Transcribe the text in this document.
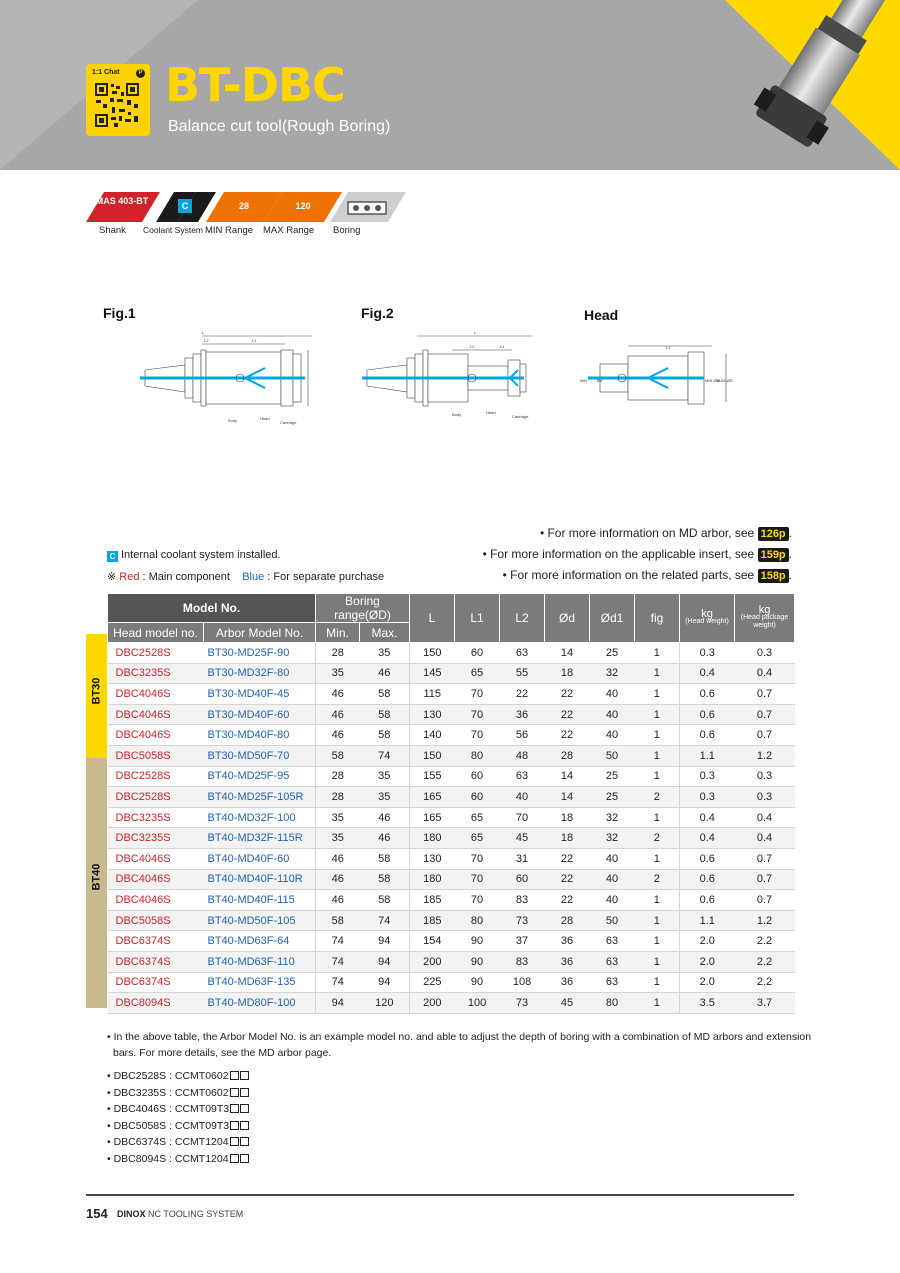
1:1 Chat	P BT-DBC
Balance cut tool(Rough Boring)
MAS 403-BT	C	28	120
Shank Coolant System MIN Range MAX Range Boring
Fig.1	Fig.2	Head
L
L2	L1
Body	Head
Cartridge
L
L2	L1
Body	Head
Cartridge
L1
Ød1 Ød	MIN ØD
MAX ØD
• For more information on MD arbor, see 126p .
• For more information on the applicable insert, see 159p .
• For more information on the related parts, see 158p .
C Internal coolant system installed.
※ Red : Main component Blue : For separate purchase
BT30
BT40
Model No.		Boring range(ØD)		L	L1	L2	Ød	Ød1	fig	kg
(Head weight)	kg
(Head package weight)
Head model no.	Arbor Model No.	Min.	Max.								
DBC2528S	BT30-MD25F-90	28	35	150	60	63	14	25	1	0.3	0.3
DBC3235S	BT30-MD32F-80	35	46	145	65	55	18	32	1	0.4	0.4
DBC4046S	BT30-MD40F-45	46	58	115	70	22	22	40	1	0.6	0.7
DBC4046S	BT30-MD40F-60	46	58	130	70	36	22	40	1	0.6	0.7
DBC4046S	BT30-MD40F-80	46	58	140	70	56	22	40	1	0.6	0.7
DBC5058S	BT30-MD50F-70	58	74	150	80	48	28	50	1	1.1	1.2
DBC2528S	BT40-MD25F-95	28	35	155	60	63	14	25	1	0.3	0.3
DBC2528S	BT40-MD25F-105R	28	35	165	60	40	14	25	2	0.3	0.3
DBC3235S	BT40-MD32F-100	35	46	165	65	70	18	32	1	0.4	0.4
DBC3235S	BT40-MD32F-115R	35	46	180	65	45	18	32	2	0.4	0.4
DBC4046S	BT40-MD40F-60	46	58	130	70	31	22	40	1	0.6	0.7
DBC4046S	BT40-MD40F-110R	46	58	180	70	60	22	40	2	0.6	0.7
DBC4046S	BT40-MD40F-115	46	58	185	70	83	22	40	1	0.6	0.7
DBC5058S	BT40-MD50F-105	58	74	185	80	73	28	50	1	1.1	1.2
DBC6374S	BT40-MD63F-64	74	94	154	90	37	36	63	1	2.0	2.2
DBC6374S	BT40-MD63F-110	74	94	200	90	83	36	63	1	2.0	2.2
DBC6374S	BT40-MD63F-135	74	94	225	90	108	36	63	1	2.0	2.2
DBC8094S	BT40-MD80F-100	94	120	200	100	73	45	80	1	3.5	3.7
• In the above table, the Arbor Model No. is an example model no. and able to adjust the depth of boring with a combination of MD arbors and extension
bars. For more details, see the MD arbor page.
• DBC2528S : CCMT0602
• DBC3235S : CCMT0602
• DBC4046S : CCMT09T3
• DBC5058S : CCMT09T3
• DBC6374S : CCMT1204
• DBC8094S : CCMT1204
154 DINOX NC TOOLING SYSTEM
